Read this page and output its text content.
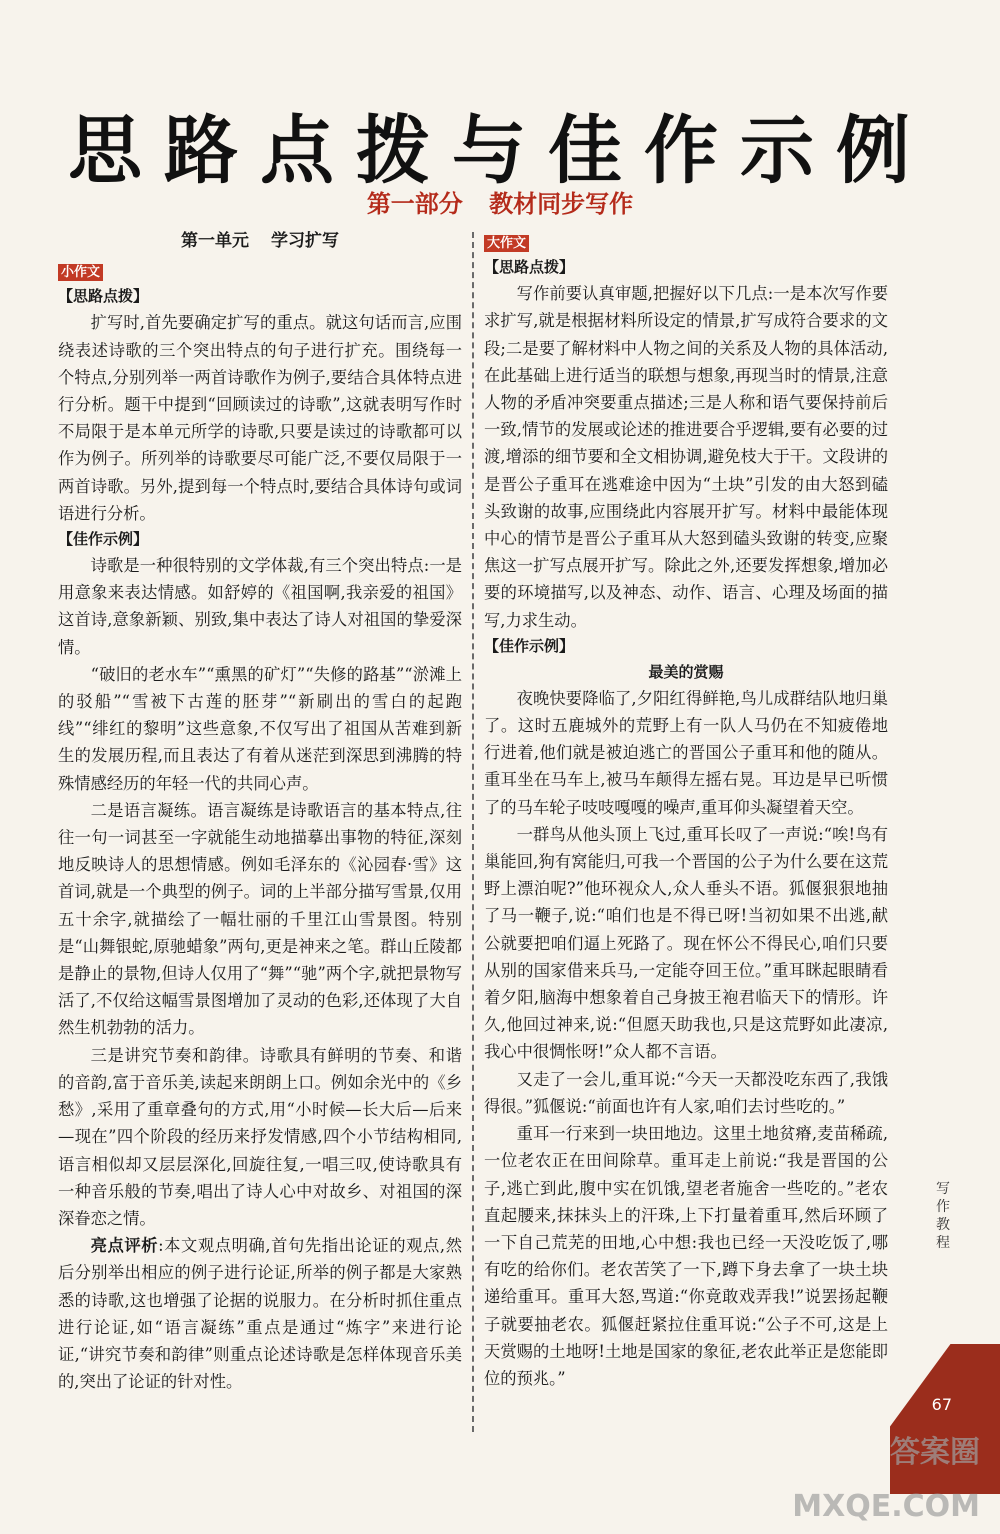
思路点拨与佳作示例
第一部分 教材同步写作
第一单元 学习扩写
小作文
【思路点拨】

扩写时,首先要确定扩写的重点。就这句话而言,应围绕表述诗歌的三个突出特点的句子进行扩充。围绕每一个特点,分别列举一两首诗歌作为例子,要结合具体特点进行分析。题干中提到“回顾读过的诗歌”,这就表明写作时不局限于是本单元所学的诗歌,只要是读过的诗歌都可以作为例子。所列举的诗歌要尽可能广泛,不要仅局限于一两首诗歌。另外,提到每一个特点时,要结合具体诗句或词语进行分析。

【佳作示例】

诗歌是一种很特别的文学体裁,有三个突出特点:一是用意象来表达情感。如舒婷的《祖国啊,我亲爱的祖国》这首诗,意象新颖、别致,集中表达了诗人对祖国的挚爱深情。

“破旧的老水车”“熏黑的矿灯”“失修的路基”“淤滩上的驳船”“雪被下古莲的胚芽”“新刷出的雪白的起跑线”“绯红的黎明”这些意象,不仅写出了祖国从苦难到新生的发展历程,而且表达了有着从迷茫到深思到沸腾的特殊情感经历的年轻一代的共同心声。

二是语言凝练。语言凝练是诗歌语言的基本特点,往往一句一词甚至一字就能生动地描摹出事物的特征,深刻地反映诗人的思想情感。例如毛泽东的《沁园春·雪》这首词,就是一个典型的例子。词的上半部分描写雪景,仅用五十余字,就描绘了一幅壮丽的千里江山雪景图。特别是“山舞银蛇,原驰蜡象”两句,更是神来之笔。群山丘陵都是静止的景物,但诗人仅用了“舞”“驰”两个字,就把景物写活了,不仅给这幅雪景图增加了灵动的色彩,还体现了大自然生机勃勃的活力。

三是讲究节奏和韵律。诗歌具有鲜明的节奏、和谐的音韵,富于音乐美,读起来朗朗上口。例如余光中的《乡愁》,采用了重章叠句的方式,用“小时候—长大后—后来—现在”四个阶段的经历来抒发情感,四个小节结构相同,语言相似却又层层深化,回旋往复,一唱三叹,使诗歌具有一种音乐般的节奏,唱出了诗人心中对故乡、对祖国的深深眷恋之情。

亮点评析:本文观点明确,首句先指出论证的观点,然后分别举出相应的例子进行论证,所举的例子都是大家熟悉的诗歌,这也增强了论据的说服力。在分析时抓住重点进行论证,如“语言凝练”重点是通过“炼字”来进行论证,“讲究节奏和韵律”则重点论述诗歌是怎样体现音乐美的,突出了论证的针对性。

大作文
【思路点拨】

写作前要认真审题,把握好以下几点:一是本次写作要求扩写,就是根据材料所设定的情景,扩写成符合要求的文段;二是要了解材料中人物之间的关系及人物的具体活动,在此基础上进行适当的联想与想象,再现当时的情景,注意人物的矛盾冲突要重点描述;三是人称和语气要保持前后一致,情节的发展或论述的推进要合乎逻辑,要有必要的过渡,增添的细节要和全文相协调,避免枝大于干。文段讲的是晋公子重耳在逃难途中因为“土块”引发的由大怒到磕头致谢的故事,应围绕此内容展开扩写。材料中最能体现中心的情节是晋公子重耳从大怒到磕头致谢的转变,应聚焦这一扩写点展开扩写。除此之外,还要发挥想象,增加必要的环境描写,以及神态、动作、语言、心理及场面的描写,力求生动。

【佳作示例】
最美的赏赐

夜晚快要降临了,夕阳红得鲜艳,鸟儿成群结队地归巢了。这时五鹿城外的荒野上有一队人马仍在不知疲倦地行进着,他们就是被迫逃亡的晋国公子重耳和他的随从。重耳坐在马车上,被马车颠得左摇右晃。耳边是早已听惯了的马车轮子吱吱嘎嘎的噪声,重耳仰头凝望着天空。

一群鸟从他头顶上飞过,重耳长叹了一声说:“唉!鸟有巢能回,狗有窝能归,可我一个晋国的公子为什么要在这荒野上漂泊呢?”他环视众人,众人垂头不语。狐偃狠狠地抽了马一鞭子,说:“咱们也是不得已呀!当初如果不出逃,献公就要把咱们逼上死路了。现在怀公不得民心,咱们只要从别的国家借来兵马,一定能夺回王位。”重耳眯起眼睛看着夕阳,脑海中想象着自己身披王袍君临天下的情形。许久,他回过神来,说:“但愿天助我也,只是这荒野如此凄凉,我心中很惆怅呀!”众人都不言语。

又走了一会儿,重耳说:“今天一天都没吃东西了,我饿得很。”狐偃说:“前面也许有人家,咱们去讨些吃的。”

重耳一行来到一块田地边。这里土地贫瘠,麦苗稀疏,一位老农正在田间除草。重耳走上前说:“我是晋国的公子,逃亡到此,腹中实在饥饿,望老者施舍一些吃的。”老农直起腰来,抹抹头上的汗珠,上下打量着重耳,然后环顾了一下自己荒芜的田地,心中想:我也已经一天没吃饭了,哪有吃的给你们。老农苦笑了一下,蹲下身去拿了一块土块递给重耳。重耳大怒,骂道:“你竟敢戏弄我!”说罢扬起鞭子就要抽老农。狐偃赶紧拉住重耳说:“公子不可,这是上天赏赐的土地呀!土地是国家的象征,老农此举正是您能即位的预兆。”

写作教程
67
答案圈 MXQE.COM
